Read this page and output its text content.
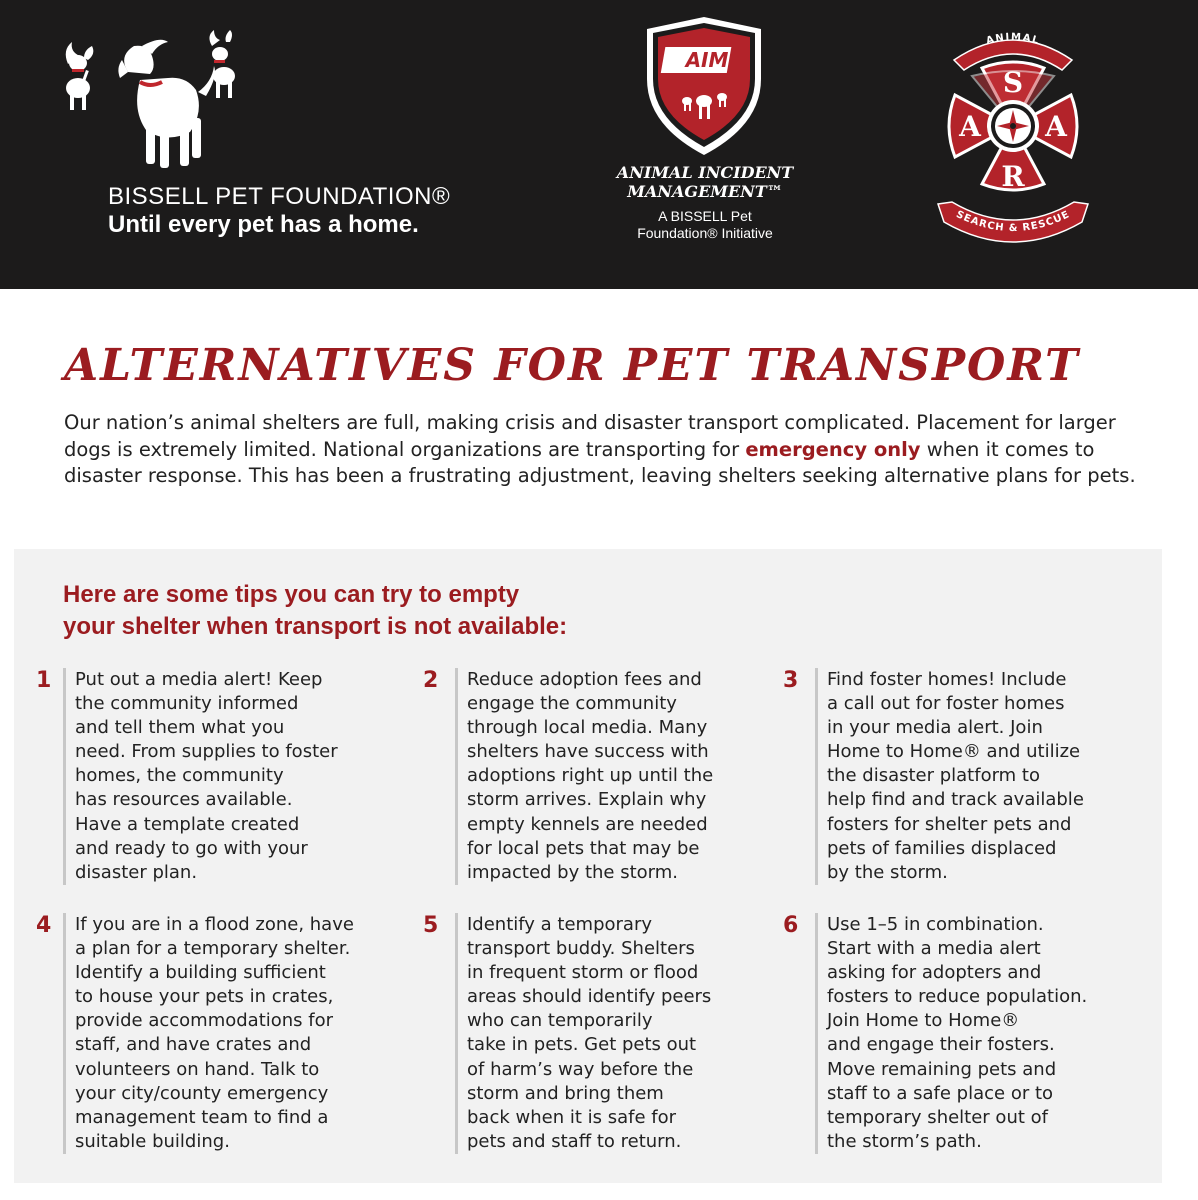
BISSELL PET FOUNDATION®
Until every pet has a home.
AIM
ANIMAL INCIDENT
MANAGEMENT™
A BISSELL Pet
Foundation® Initiative
ANIMAL
S
A A
R
SEARCH & RESCUE
ALTERNATIVES FOR PET TRANSPORT

Our nation’s animal shelters are full, making crisis and disaster transport complicated. Placement for larger dogs is extremely limited. National organizations are transporting for emergency only when it comes to disaster response. This has been a frustrating adjustment, leaving shelters seeking alternative plans for pets.

Here are some tips you can try to empty
your shelter when transport is not available:
1 Put out a media alert! Keep
the community informed
and tell them what you
need. From supplies to foster
homes, the community
has resources available.
Have a template created
and ready to go with your
disaster plan.
2 Reduce adoption fees and
engage the community
through local media. Many
shelters have success with
adoptions right up until the
storm arrives. Explain why
empty kennels are needed
for local pets that may be
impacted by the storm.
3 Find foster homes! Include
a call out for foster homes
in your media alert. Join
Home to Home® and utilize
the disaster platform to
help find and track available
fosters for shelter pets and
pets of families displaced
by the storm.
4 If you are in a flood zone, have
a plan for a temporary shelter.
Identify a building sufficient
to house your pets in crates,
provide accommodations for
staff, and have crates and
volunteers on hand. Talk to
your city/county emergency
management team to find a
suitable building.
5 Identify a temporary
transport buddy. Shelters
in frequent storm or flood
areas should identify peers
who can temporarily
take in pets. Get pets out
of harm’s way before the
storm and bring them
back when it is safe for
pets and staff to return.
6 Use 1–5 in combination.
Start with a media alert
asking for adopters and
fosters to reduce population.
Join Home to Home®
and engage their fosters.
Move remaining pets and
staff to a safe place or to
temporary shelter out of
the storm’s path.
